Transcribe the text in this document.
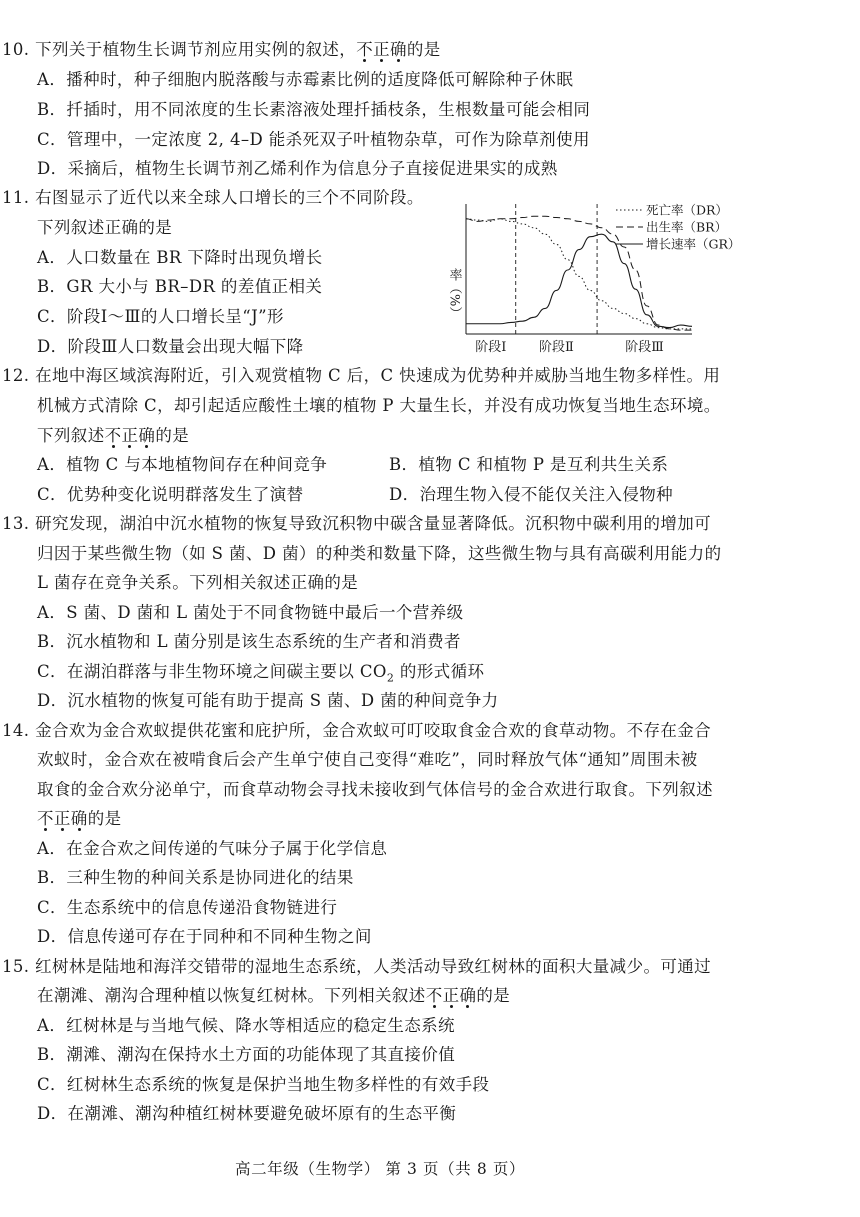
10. 下列关于植物生长调节剂应用实例的叙述，不正确
的是
A．播种时，种子细胞内脱落酸与赤霉素比例的适度降低可解除种子休眠
B．扦插时，用不同浓度的生长素溶液处理扦插枝条，生根数量可能会相同
C．管理中，一定浓度 2, 4–D 能杀死双子叶植物杂草，可作为除草剂使用
D．采摘后，植物生长调节剂乙烯利作为信息分子直接促进果实的成熟
11. 右图显示了近代以来全球人口增长的三个不同阶段。
下列叙述正确的是
A．人口数量在 BR 下降时出现负增长
B．GR 大小与 BR–DR 的差值正相关
C．阶段Ⅰ～Ⅲ的人口增长呈“J”形
D．阶段Ⅲ人口数量会出现大幅下降
率（%）
死亡率（DR）
出生率（BR）
增长速率（GR）
阶段Ⅰ	阶段Ⅱ	阶段Ⅲ
12. 在地中海区域滨海附近，引入观赏植物 C 后，C 快速成为优势种并威胁当地生物多样性。用
机械方式清除 C，却引起适应酸性土壤的植物 P 大量生长，并没有成功恢复当地生态环境。
下列叙述不正确
的是
A．植物 C 与本地植物间存在种间竞争	B．植物 C 和植物 P 是互利共生关系
C．优势种变化说明群落发生了演替	D．治理生物入侵不能仅关注入侵物种
13. 研究发现，湖泊中沉水植物的恢复导致沉积物中碳含量显著降低。沉积物中碳利用的增加可
归因于某些微生物（如 S 菌、D 菌）的种类和数量下降，这些微生物与具有高碳利用能力的
L 菌存在竞争关系。下列相关叙述正确的是
A．S 菌、D 菌和 L 菌处于不同食物链中最后一个营养级
B．沉水植物和 L 菌分别是该生态系统的生产者和消费者
C．在湖泊群落与非生物环境之间碳主要以 $CO_2$ 的形式循环
D．沉水植物的恢复可能有助于提高 S 菌、D 菌的种间竞争力
14. 金合欢为金合欢蚁提供花蜜和庇护所，金合欢蚁可叮咬取食金合欢的食草动物。不存在金合
欢蚁时，金合欢在被啃食后会产生单宁使自己变得“难吃”，同时释放气体“通知”周围未被
取食的金合欢分泌单宁，而食草动物会寻找未接收到气体信号的金合欢进行取食。下列叙述
不正确
的是
A．在金合欢之间传递的气味分子属于化学信息
B．三种生物的种间关系是协同进化的结果
C．生态系统中的信息传递沿食物链进行
D．信息传递可存在于同种和不同种生物之间
15. 红树林是陆地和海洋交错带的湿地生态系统，人类活动导致红树林的面积大量减少。可通过
在潮滩、潮沟合理种植以恢复红树林。下列相关叙述不正确
的是
A．红树林是与当地气候、降水等相适应的稳定生态系统
B．潮滩、潮沟在保持水土方面的功能体现了其直接价值
C．红树林生态系统的恢复是保护当地生物多样性的有效手段
D．在潮滩、潮沟种植红树林要避免破坏原有的生态平衡
高二年级（生物学） 第 3 页（共 8 页）
